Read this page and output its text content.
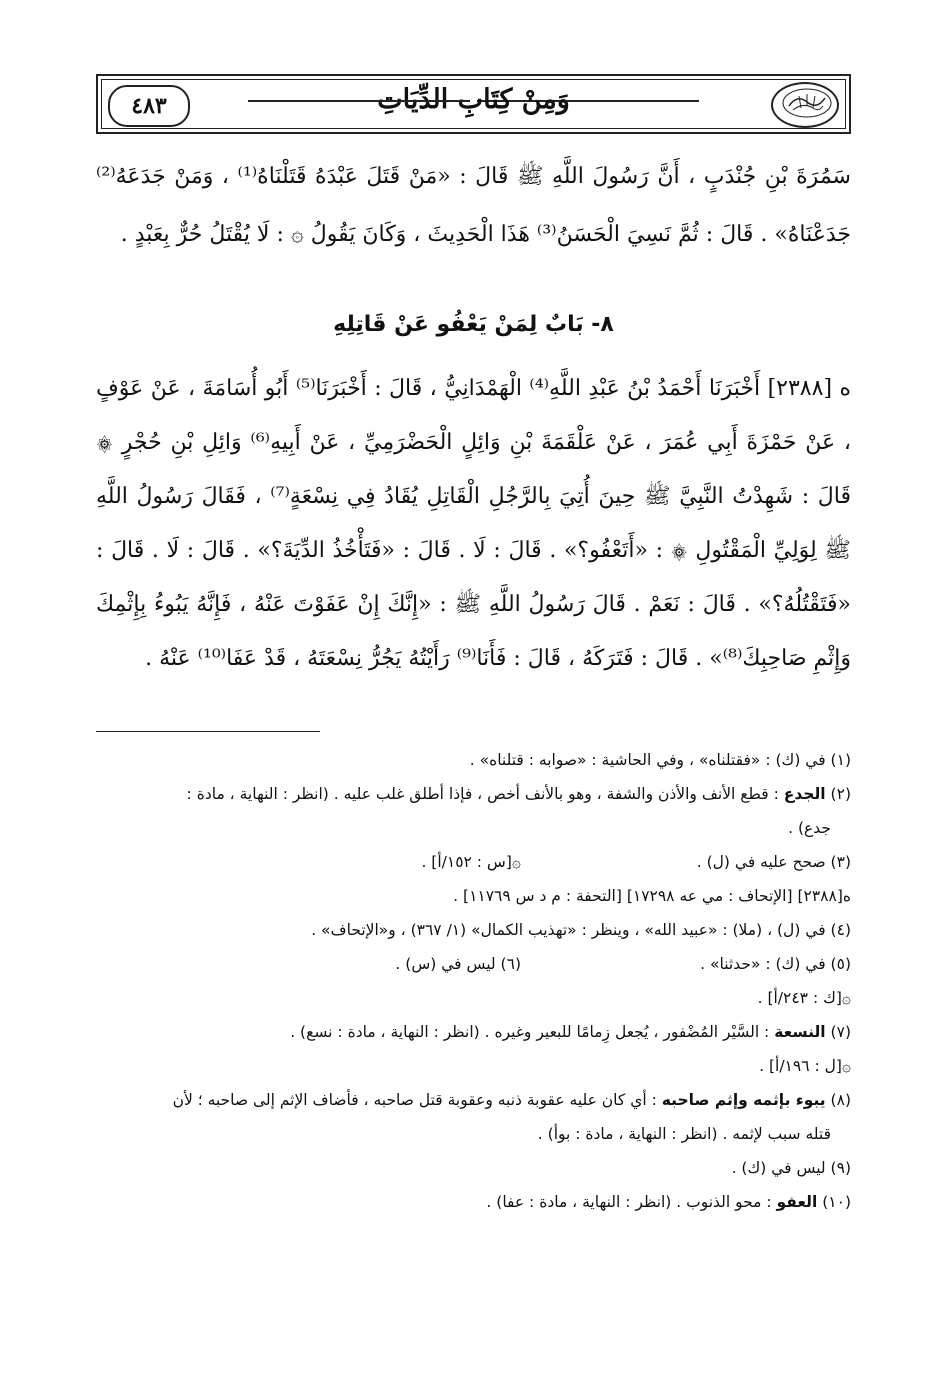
وَمِنْ كِتَابِ الدِّيَاتِ
٤٨٣
سَمُرَةَ بْنِ جُنْدَبٍ ، أَنَّ رَسُولَ اللَّهِ ﷺ قَالَ : «مَنْ قَتَلَ عَبْدَهُ قَتَلْنَاهُ⁽¹⁾ ، وَمَنْ جَدَعَهُ⁽²⁾ جَدَعْنَاهُ» . قَالَ : ثُمَّ نَسِيَ الْحَسَنُ⁽³⁾ هَذَا الْحَدِيثَ ، وَكَانَ يَقُولُ ۞ : لَا يُقْتَلُ حُرٌّ بِعَبْدٍ .
٨- بَابٌ لِمَنْ يَعْفُو عَنْ قَاتِلِهِ
ه [٢٣٨٨] أَخْبَرَنَا أَحْمَدُ بْنُ عَبْدِ اللَّهِ⁽⁴⁾ الْهَمْدَانِيُّ ، قَالَ : أَخْبَرَنَا⁽⁵⁾ أَبُو أُسَامَةَ ، عَنْ عَوْفٍ ، عَنْ حَمْزَةَ أَبِي عُمَرَ ، عَنْ عَلْقَمَةَ بْنِ وَائِلٍ الْحَضْرَمِيِّ ، عَنْ أَبِيهِ⁽⁶⁾ وَائِلِ بْنِ حُجْرٍ ۞ قَالَ : شَهِدْتُ النَّبِيَّ ﷺ حِينَ أُتِيَ بِالرَّجُلِ الْقَاتِلِ يُقَادُ فِي نِسْعَةٍ⁽⁷⁾ ، فَقَالَ رَسُولُ اللَّهِ ﷺ لِوَلِيِّ الْمَقْتُولِ ۞ : «أَتَعْفُو؟» . قَالَ : لَا . قَالَ : «فَتَأْخُذُ الدِّيَةَ؟» . قَالَ : لَا . قَالَ : «فَتَقْتُلُهُ؟» . قَالَ : نَعَمْ . قَالَ رَسُولُ اللَّهِ ﷺ : «إِنَّكَ إِنْ عَفَوْتَ عَنْهُ ، فَإِنَّهُ يَبُوءُ بِإِثْمِكَ وَإِثْمِ صَاحِبِكَ⁽⁸⁾» . قَالَ : فَتَرَكَهُ ، قَالَ : فَأَنَا⁽⁹⁾ رَأَيْتُهُ يَجُرُّ نِسْعَتَهُ ، قَدْ عَفَا⁽¹⁰⁾ عَنْهُ .

(١) في (ك) : «فقتلناه» ، وفي الحاشية : «صوابه : قتلناه» .

(٢) الجدع : قطع الأنف والأذن والشفة ، وهو بالأنف أخص ، فإذا أطلق غلب عليه . (انظر : النهاية ، مادة :

جدع) .

(٣) صحح عليه في (ل) .
۞[س : ١٥٢/أ] .

ه[٢٣٨٨] [الإتحاف : مي عه ١٧٢٩٨] [التحفة : م د س ١١٧٦٩] .

(٤) في (ل) ، (ملا) : «عبيد الله» ، وينظر : «تهذيب الكمال» (١/ ٣٦٧) ، و«الإتحاف» .

(٥) في (ك) : «حدثنا» .
(٦) ليس في (س) .

۞[ك : ٢٤٣/أ] .

(٧) النسعة : السَّيْر المُضْفور ، يُجعل زِمامًا للبعير وغيره . (انظر : النهاية ، مادة : نسع) .

۞[ل : ١٩٦/أ] .

(٨) يبوء بإثمه وإثم صاحبه : أي كان عليه عقوبة ذنبه وعقوبة قتل صاحبه ، فأضاف الإثم إلى صاحبه ؛ لأن

قتله سبب لإثمه . (انظر : النهاية ، مادة : بوأ) .

(٩) ليس في (ك) .

(١٠) العفو : محو الذنوب . (انظر : النهاية ، مادة : عفا) .
